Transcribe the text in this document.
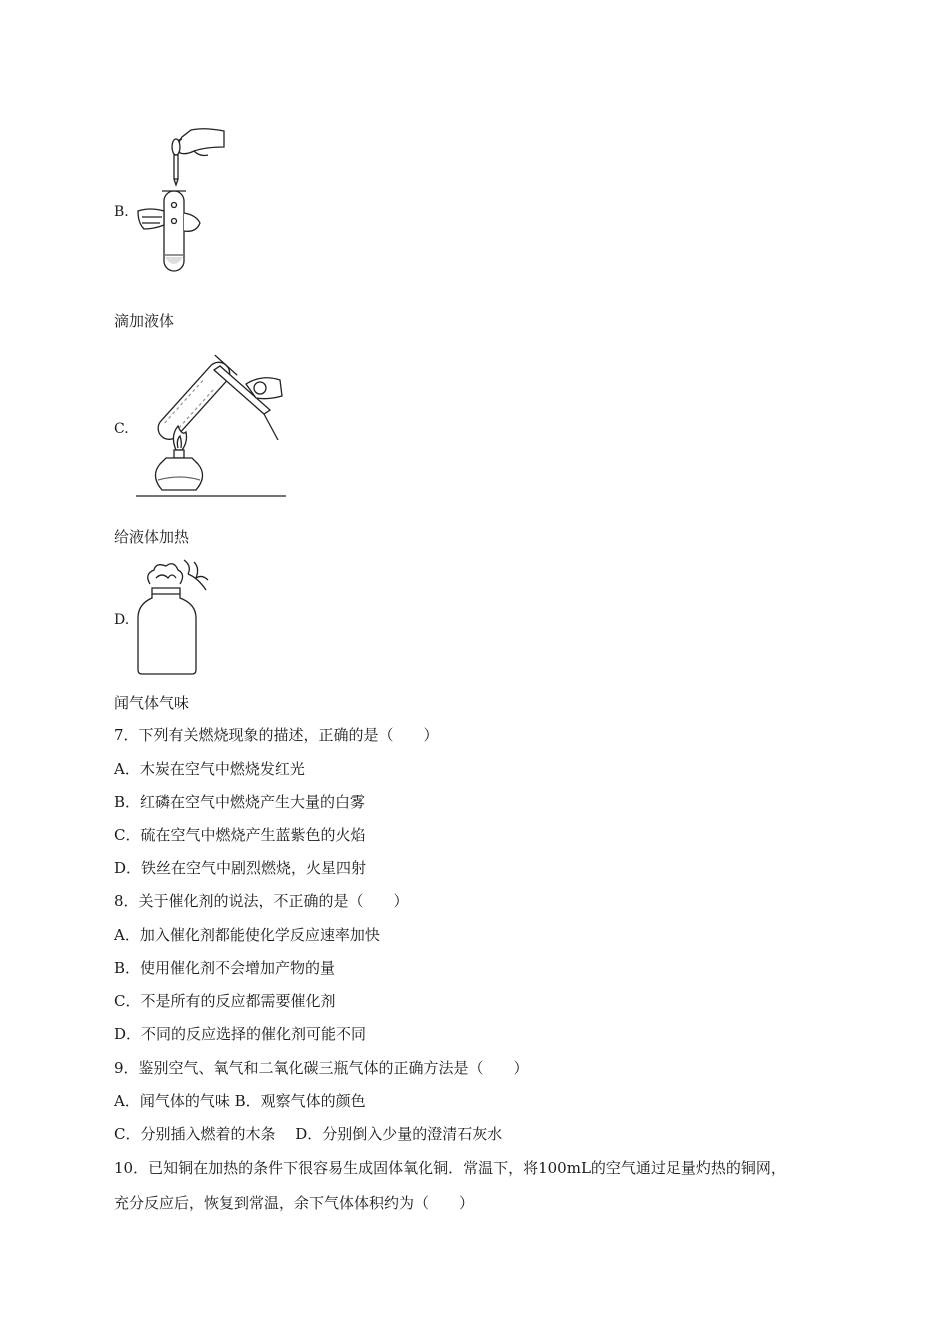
B.
滴加液体
C.
给液体加热
D.
闻气体气味
7．下列有关燃烧现象的描述，正确的是（　　）
A．木炭在空气中燃烧发红光
B．红磷在空气中燃烧产生大量的白雾
C．硫在空气中燃烧产生蓝紫色的火焰
D．铁丝在空气中剧烈燃烧，火星四射
8．关于催化剂的说法，不正确的是（　　）
A．加入催化剂都能使化学反应速率加快
B．使用催化剂不会增加产物的量
C．不是所有的反应都需要催化剂
D．不同的反应选择的催化剂可能不同
9．鉴别空气、氧气和二氧化碳三瓶气体的正确方法是（　　）
A．闻气体的气味 B．观察气体的颜色
C．分别插入燃着的木条　 D．分别倒入少量的澄清石灰水
10．已知铜在加热的条件下很容易生成固体氧化铜．常温下，将100mL的空气通过足量灼热的铜网，
充分反应后，恢复到常温，余下气体体积约为（　　）
